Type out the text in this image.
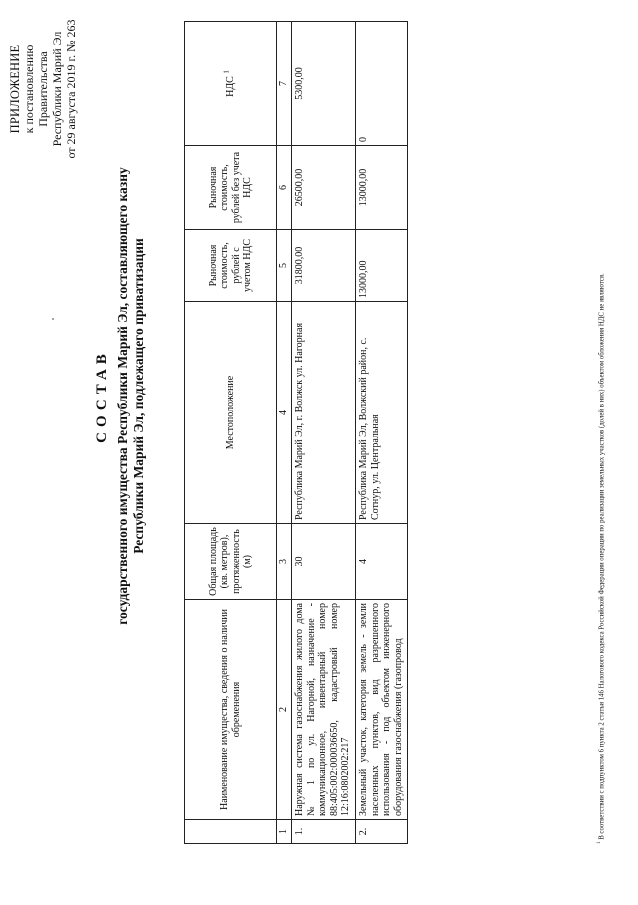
ПРИЛОЖЕНИЕ к постановлению Правительства Республики Марий Эл от 29 августа 2019 г. № 263
СОСТАВ государственного имущества Республики Марий Эл, составляющего казну Республики Марий Эл, подлежащего приватизации
	Наименование имущества, сведения о наличии обременения	Общая площадь (кв. метров), протяженность (м)	Местоположение	Рыночная стоимость, рублей с учетом НДС	Рыночная стоимость, рублей без учета НДС	НДС $^1$
1	2	3	4	5	6	7
1.	Наружная система газоснабжения жилого дома № 1 по ул. Нагорной, назначение - коммуникационное, инвентарный номер 88:405:002:000036650, кадастровый номер 12:16:0802002:217	30	Республика Марий Эл, г. Волжск ул. Нагорная	31800,00	26500,00	5300,00
2.	Земельный участок, категория земель - земли населенных пунктов, вид разрешенного использования - под объектом инженерного оборудования газоснабжения (газопровод	4	Республика Марий Эл, Волжский район, с. Сотнур, ул. Центральная	13000,00	13000,00	0
$^1$ В соответствии с подпунктом 6 пункта 2 статьи 146 Налогового кодекса Российской Федерации операции по реализации земельных участков (долей в них) объектом обложения НДС не являются.
